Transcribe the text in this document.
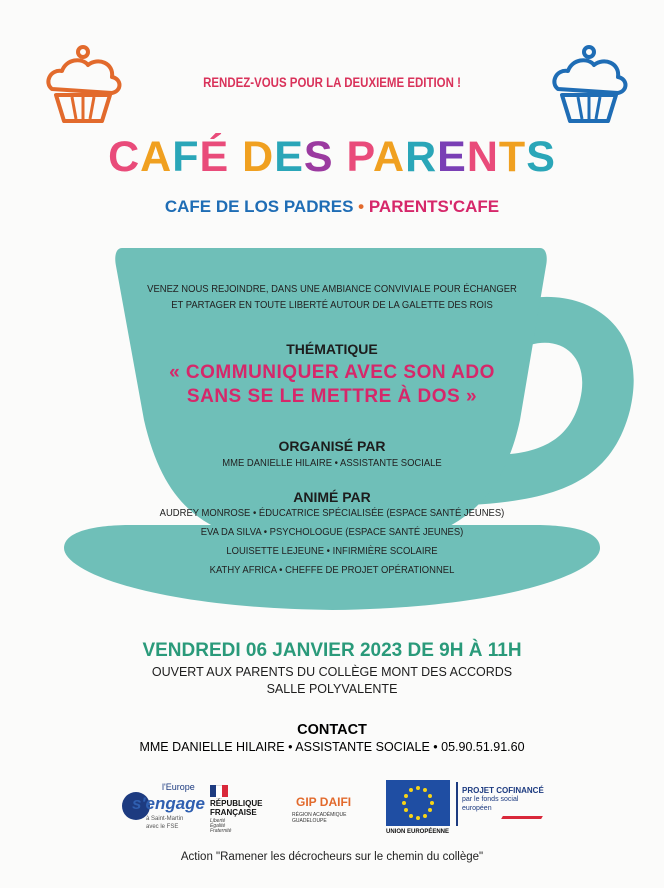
RENDEZ-VOUS POUR LA DEUXIEME EDITION !
CAFÉ DES PARENTS
CAFE DE LOS PADRES • PARENTS'CAFE
VENEZ NOUS REJOINDRE, DANS UNE AMBIANCE CONVIVIALE POUR ÉCHANGER
ET PARTAGER EN TOUTE LIBERTÉ AUTOUR DE LA GALETTE DES ROIS
THÉMATIQUE
« COMMUNIQUER AVEC SON ADO
SANS SE LE METTRE À DOS »
ORGANISÉ PAR
MME DANIELLE HILAIRE • ASSISTANTE SOCIALE
ANIMÉ PAR
AUDREY MONROSE • ÉDUCATRICE SPÉCIALISÉE (ESPACE SANTÉ JEUNES)
EVA DA SILVA • PSYCHOLOGUE (ESPACE SANTÉ JEUNES)
LOUISETTE LEJEUNE • INFIRMIÈRE SCOLAIRE
KATHY AFRICA • CHEFFE DE PROJET OPÉRATIONNEL
VENDREDI 06 JANVIER 2023 DE 9H À 11H
OUVERT AUX PARENTS DU COLLÈGE MONT DES ACCORDS
SALLE POLYVALENTE
CONTACT
MME DANIELLE HILAIRE • ASSISTANTE SOCIALE • 05.90.51.91.60
l'Europe
s'engage
à Saint-Martin
avec le FSE
RÉPUBLIQUE
FRANÇAISE
Liberté
Égalité
Fraternité
GIP DAIFI
RÉGION ACADÉMIQUE GUADELOUPE
UNION EUROPÉENNE
PROJET COFINANCÉ
par le fonds social
européen
Action "Ramener les décrocheurs sur le chemin du collège"
